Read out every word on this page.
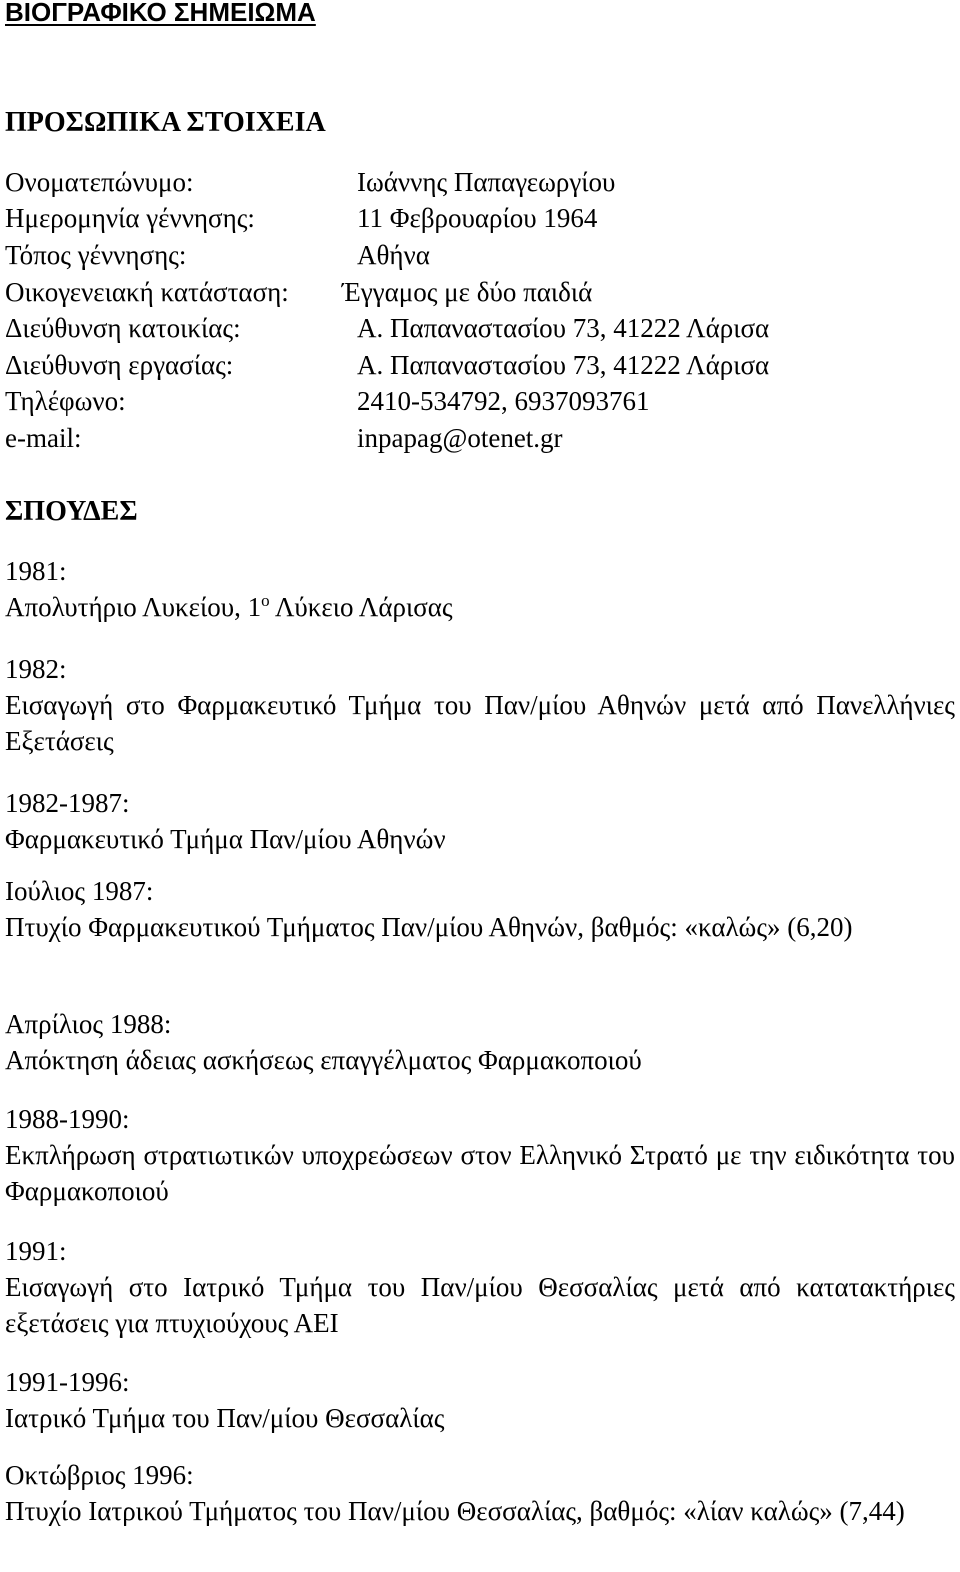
ΒΙΟΓΡΑΦΙΚΟ ΣΗΜΕΙΩΜΑ
ΠΡΟΣΩΠΙΚΑ ΣΤΟΙΧΕΙΑ
Ονοματεπώνυμο:	Ιωάννης Παπαγεωργίου
Ημερομηνία γέννησης:	11 Φεβρουαρίου 1964
Τόπος γέννησης:	Αθήνα
Οικογενειακή κατάσταση: Έγγαμος με δύο παιδιά
Διεύθυνση κατοικίας:	Α. Παπαναστασίου 73, 41222 Λάρισα
Διεύθυνση εργασίας:	Α. Παπαναστασίου 73, 41222 Λάρισα
Τηλέφωνο:	2410-534792, 6937093761
e-mail:	inpapag@otenet.gr
ΣΠΟΥΔΕΣ
1981:
Απολυτήριο Λυκείου, $1^o$ Λύκειο Λάρισας
1982:
Εισαγωγή στο Φαρμακευτικό Τμήμα του Παν/μίου Αθηνών μετά από Πανελλήνιες Εξετάσεις
1982-1987:
Φαρμακευτικό Τμήμα Παν/μίου Αθηνών
Ιούλιος 1987:
Πτυχίο Φαρμακευτικού Τμήματος Παν/μίου Αθηνών, βαθμός: «καλώς» (6,20)
Απρίλιος 1988:
Απόκτηση άδειας ασκήσεως επαγγέλματος Φαρμακοποιού
1988-1990:
Εκπλήρωση στρατιωτικών υποχρεώσεων στον Ελληνικό Στρατό με την ειδικότητα του Φαρμακοποιού
1991:
Εισαγωγή στο Ιατρικό Τμήμα του Παν/μίου Θεσσαλίας μετά από κατατακτήριες εξετάσεις για πτυχιούχους ΑΕΙ
1991-1996:
Ιατρικό Τμήμα του Παν/μίου Θεσσαλίας
Οκτώβριος 1996:
Πτυχίο Ιατρικού Τμήματος του Παν/μίου Θεσσαλίας, βαθμός: «λίαν καλώς» (7,44)
